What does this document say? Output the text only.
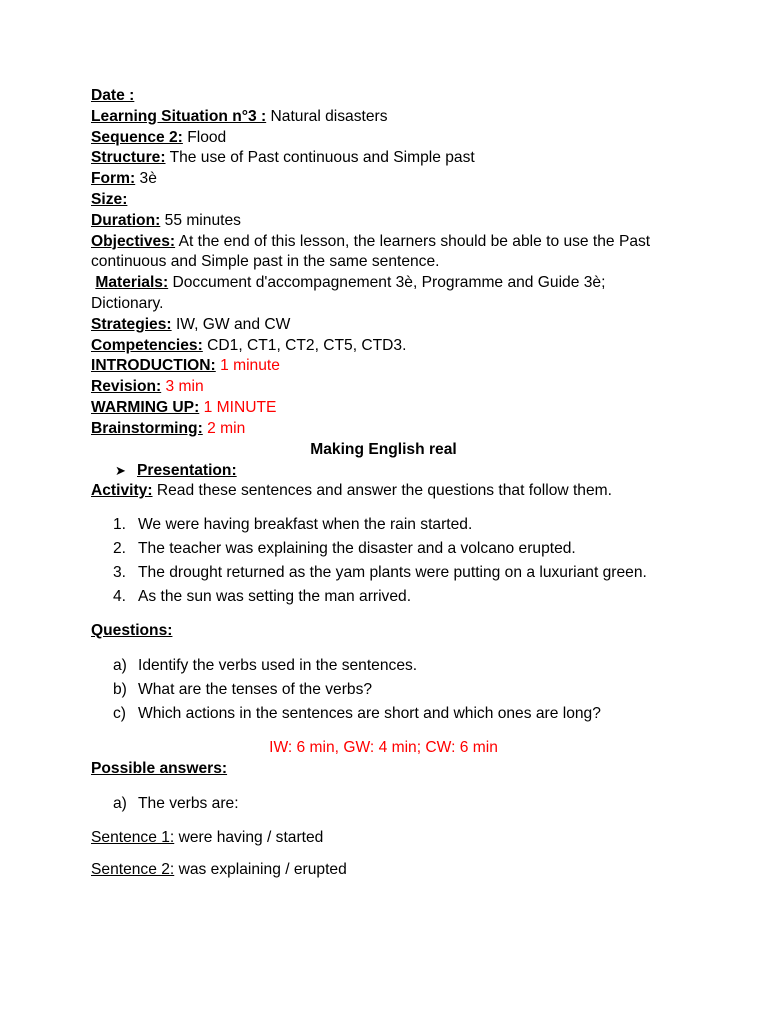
Date :
Learning Situation n°3 : Natural disasters
Sequence 2: Flood
Structure: The use of Past continuous and Simple past
Form: 3è
Size:
Duration: 55 minutes
Objectives: At the end of this lesson, the learners should be able to use the Past continuous and Simple past in the same sentence.
Materials: Doccument d'accompagnement 3è, Programme and Guide 3è; Dictionary.
Strategies: IW, GW and CW
Competencies: CD1, CT1, CT2, CT5, CTD3.
INTRODUCTION: 1 minute
Revision: 3 min
WARMING UP: 1 MINUTE
Brainstorming: 2 min
Making English real
➤ Presentation:
Activity: Read these sentences and answer the questions that follow them.
1. We were having breakfast when the rain started.
2. The teacher was explaining the disaster and a volcano erupted.
3. The drought returned as the yam plants were putting on a luxuriant green.
4. As the sun was setting the man arrived.
Questions:
a) Identify the verbs used in the sentences.
b) What are the tenses of the verbs?
c) Which actions in the sentences are short and which ones are long?
IW: 6 min, GW: 4 min; CW: 6 min
Possible answers:
a) The verbs are:
Sentence 1: were having / started
Sentence 2: was explaining / erupted
